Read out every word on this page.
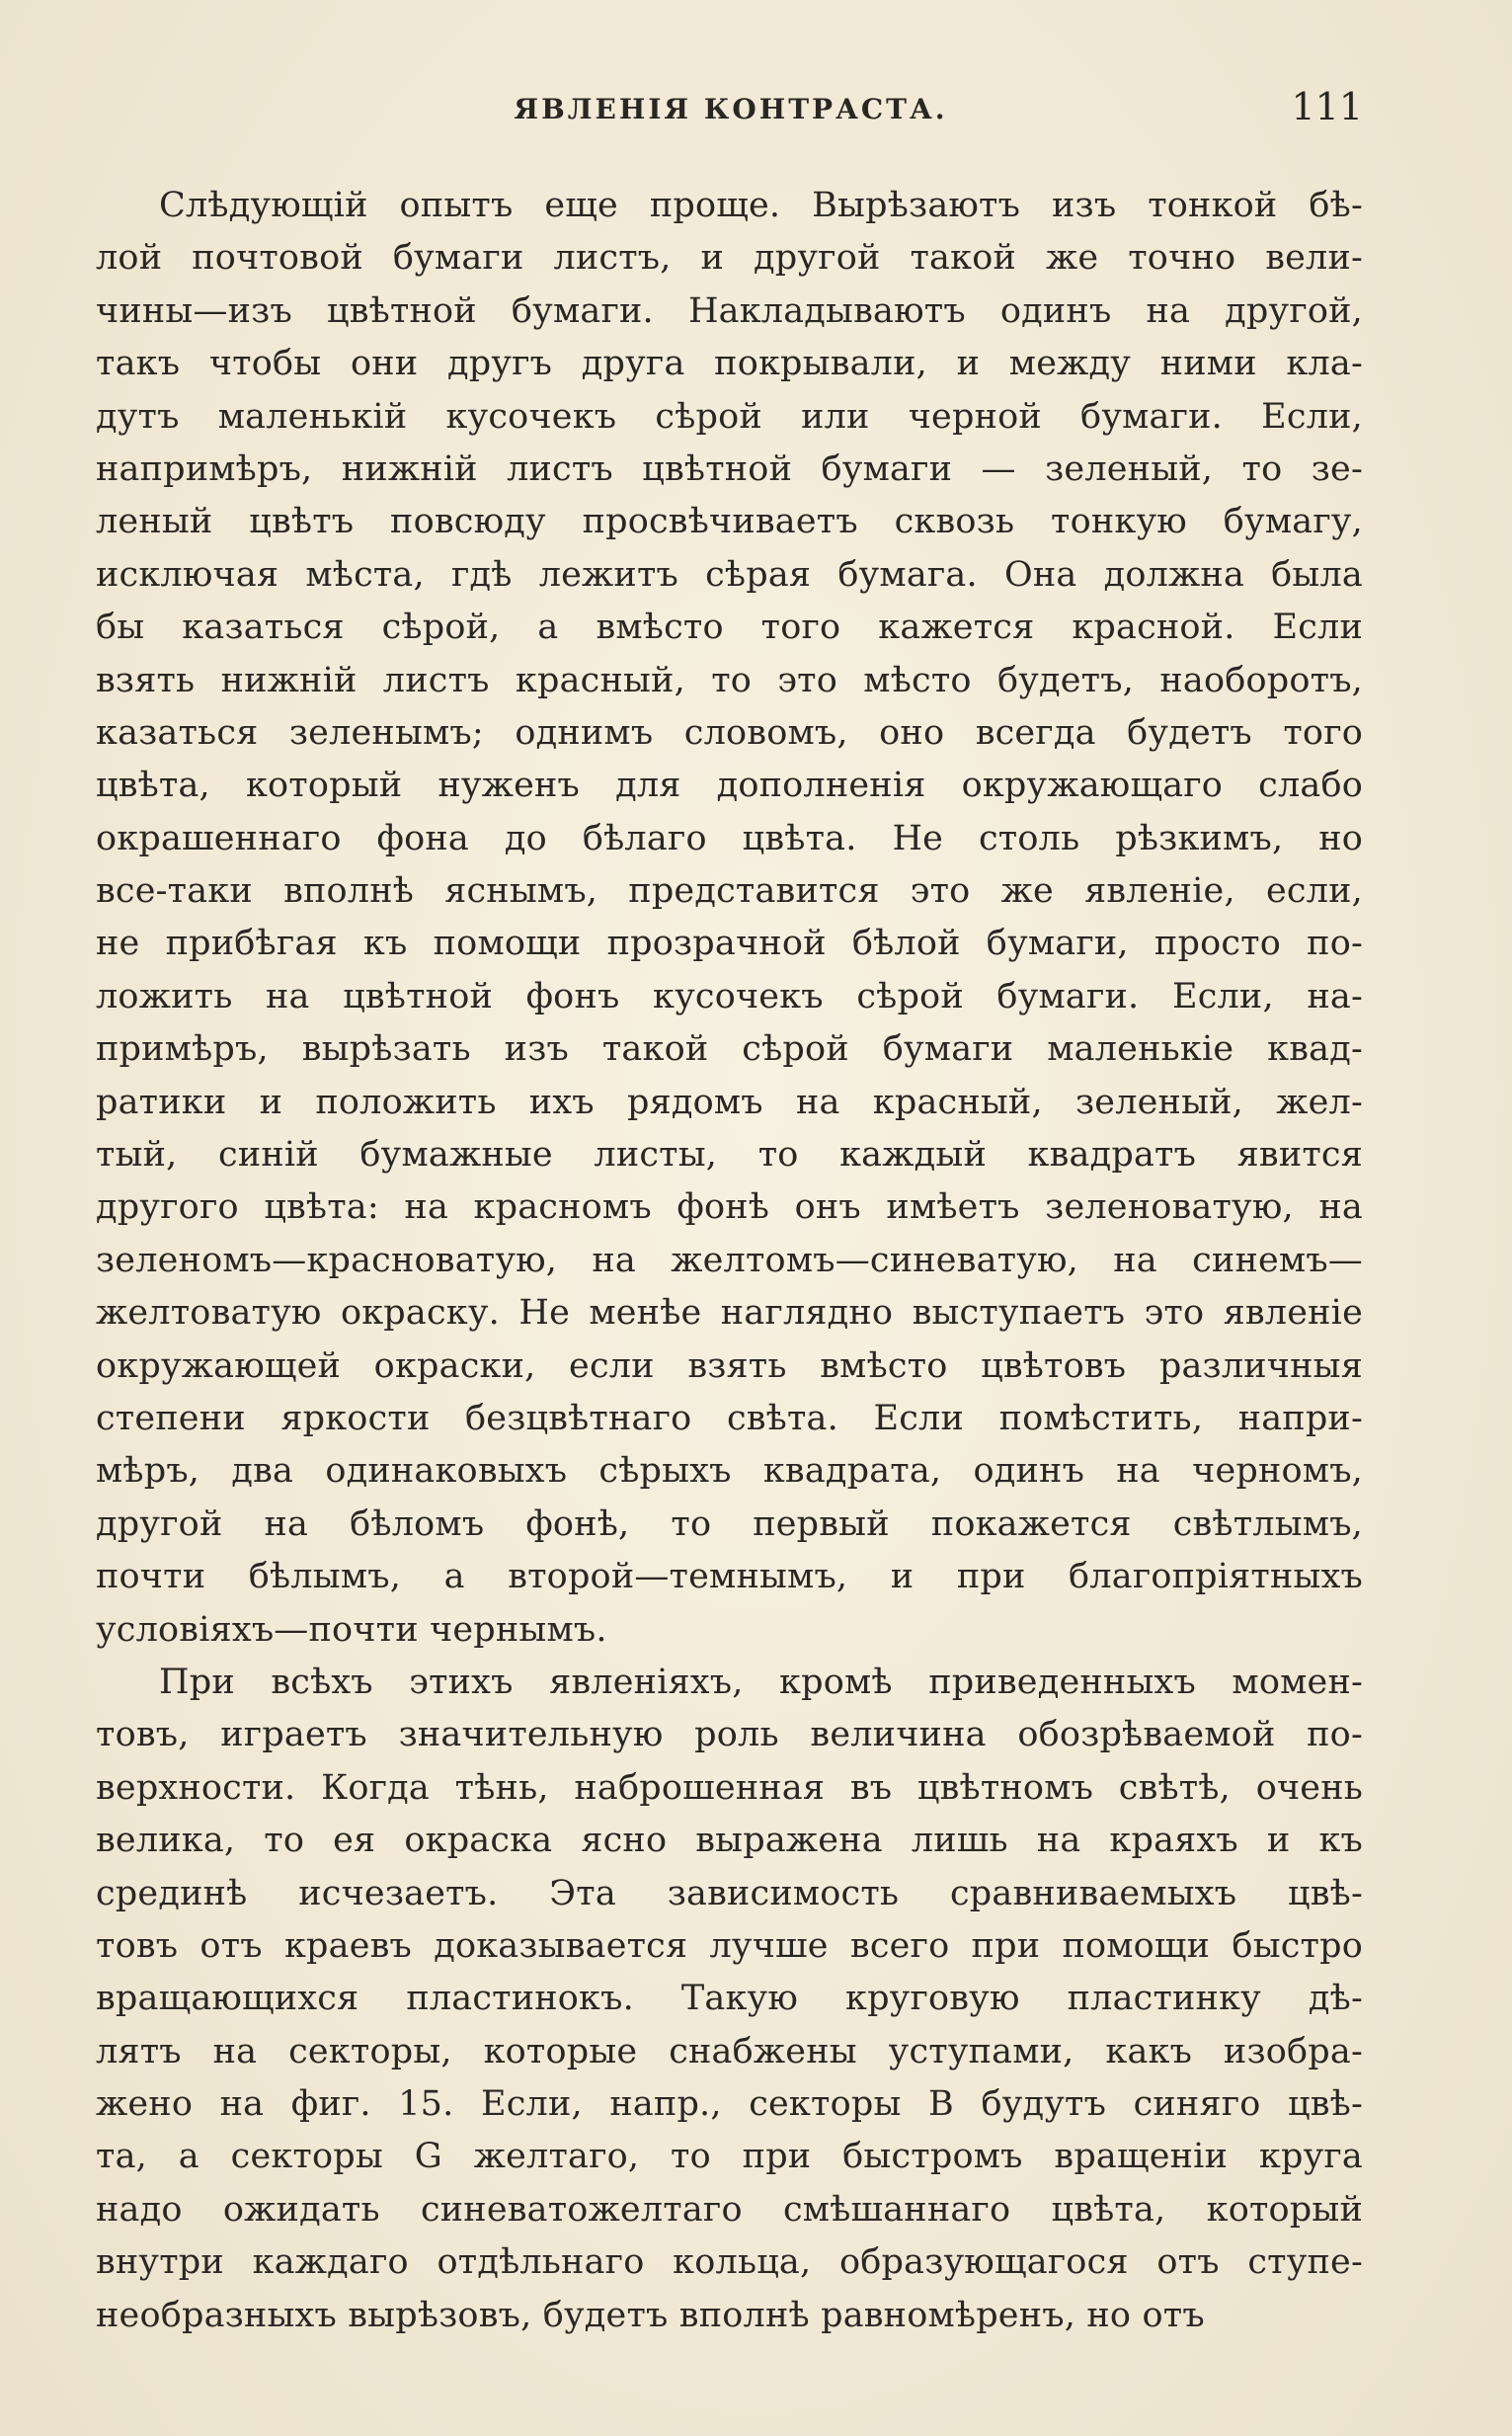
ЯВЛЕНІЯ КОНТРАСТА.	111
Слѣдующій опытъ еще проще. Вырѣзаютъ изъ тонкой бѣ-
лой почтовой бумаги листъ, и другой такой же точно вели-
чины—изъ цвѣтной бумаги. Накладываютъ одинъ на другой,
такъ чтобы они другъ друга покрывали, и между ними кла-
дутъ маленькій кусочекъ сѣрой или черной бумаги. Если,
напримѣръ, нижній листъ цвѣтной бумаги — зеленый, то зе-
леный цвѣтъ повсюду просвѣчиваетъ сквозь тонкую бумагу,
исключая мѣста, гдѣ лежитъ сѣрая бумага. Она должна была
бы казаться сѣрой, а вмѣсто того кажется красной. Если
взять нижній листъ красный, то это мѣсто будетъ, наоборотъ,
казаться зеленымъ; однимъ словомъ, оно всегда будетъ того
цвѣта, который нуженъ для дополненія окружающаго слабо
окрашеннаго фона до бѣлаго цвѣта. Не столь рѣзкимъ, но
все-таки вполнѣ яснымъ, представится это же явленіе, если,
не прибѣгая къ помощи прозрачной бѣлой бумаги, просто по-
ложить на цвѣтной фонъ кусочекъ сѣрой бумаги. Если, на-
примѣръ, вырѣзать изъ такой сѣрой бумаги маленькіе квад-
ратики и положить ихъ рядомъ на красный, зеленый, жел-
тый, синій бумажные листы, то каждый квадратъ явится
другого цвѣта: на красномъ фонѣ онъ имѣетъ зеленоватую, на
зеленомъ—красноватую, на желтомъ—синеватую, на синемъ—
желтоватую окраску. Не менѣе наглядно выступаетъ это явленіе
окружающей окраски, если взять вмѣсто цвѣтовъ различныя
степени яркости безцвѣтнаго свѣта. Если помѣстить, напри-
мѣръ, два одинаковыхъ сѣрыхъ квадрата, одинъ на черномъ,
другой на бѣломъ фонѣ, то первый покажется свѣтлымъ,
почти бѣлымъ, а второй—темнымъ, и при благопріятныхъ
условіяхъ—почти чернымъ.
При всѣхъ этихъ явленіяхъ, кромѣ приведенныхъ момен-
товъ, играетъ значительную роль величина обозрѣваемой по-
верхности. Когда тѣнь, наброшенная въ цвѣтномъ свѣтѣ, очень
велика, то ея окраска ясно выражена лишь на краяхъ и къ
срединѣ исчезаетъ. Эта зависимость сравниваемыхъ цвѣ-
товъ отъ краевъ доказывается лучше всего при помощи быстро
вращающихся пластинокъ. Такую круговую пластинку дѣ-
лятъ на секторы, которые снабжены уступами, какъ изобра-
жено на фиг. 15. Если, напр., секторы B будутъ синяго цвѣ-
та, а секторы G желтаго, то при быстромъ вращеніи круга
надо ожидать синеватожелтаго смѣшаннаго цвѣта, который
внутри каждаго отдѣльнаго кольца, образующагося отъ ступе-
необразныхъ вырѣзовъ, будетъ вполнѣ равномѣренъ, но отъ
